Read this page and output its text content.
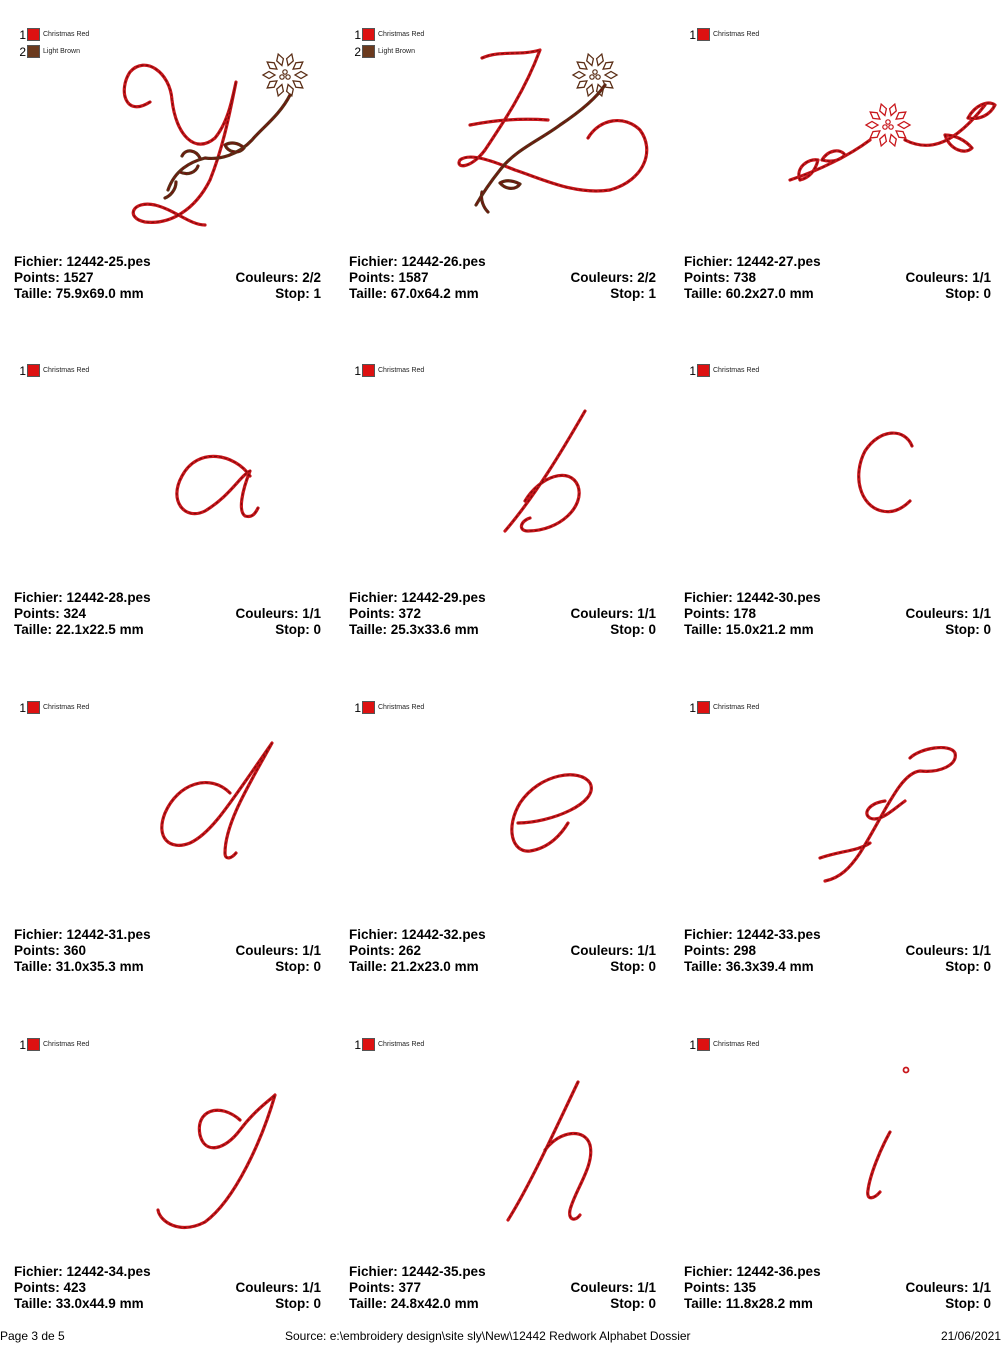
1 Christmas Red
2 Light Brown
Fichier: 12442-25.pes
Points: 1527	Couleurs: 2/2
Taille: 75.9x69.0 mm	Stop: 1
1 Christmas Red
2 Light Brown
Fichier: 12442-26.pes
Points: 1587	Couleurs: 2/2
Taille: 67.0x64.2 mm	Stop: 1
1 Christmas Red
Fichier: 12442-27.pes
Points: 738	Couleurs: 1/1
Taille: 60.2x27.0 mm	Stop: 0
1 Christmas Red
Fichier: 12442-28.pes
Points: 324	Couleurs: 1/1
Taille: 22.1x22.5 mm	Stop: 0
1 Christmas Red
Fichier: 12442-29.pes
Points: 372	Couleurs: 1/1
Taille: 25.3x33.6 mm	Stop: 0
1 Christmas Red
Fichier: 12442-30.pes
Points: 178	Couleurs: 1/1
Taille: 15.0x21.2 mm	Stop: 0
1 Christmas Red
Fichier: 12442-31.pes
Points: 360	Couleurs: 1/1
Taille: 31.0x35.3 mm	Stop: 0
1 Christmas Red
Fichier: 12442-32.pes
Points: 262	Couleurs: 1/1
Taille: 21.2x23.0 mm	Stop: 0
1 Christmas Red
Fichier: 12442-33.pes
Points: 298	Couleurs: 1/1
Taille: 36.3x39.4 mm	Stop: 0
1 Christmas Red
Fichier: 12442-34.pes
Points: 423	Couleurs: 1/1
Taille: 33.0x44.9 mm	Stop: 0
1 Christmas Red
Fichier: 12442-35.pes
Points: 377	Couleurs: 1/1
Taille: 24.8x42.0 mm	Stop: 0
1 Christmas Red
Fichier: 12442-36.pes
Points: 135	Couleurs: 1/1
Taille: 11.8x28.2 mm	Stop: 0
Page 3 de 5	Source: e:\embroidery design\site sly\New\12442 Redwork Alphabet Dossier	21/06/2021
